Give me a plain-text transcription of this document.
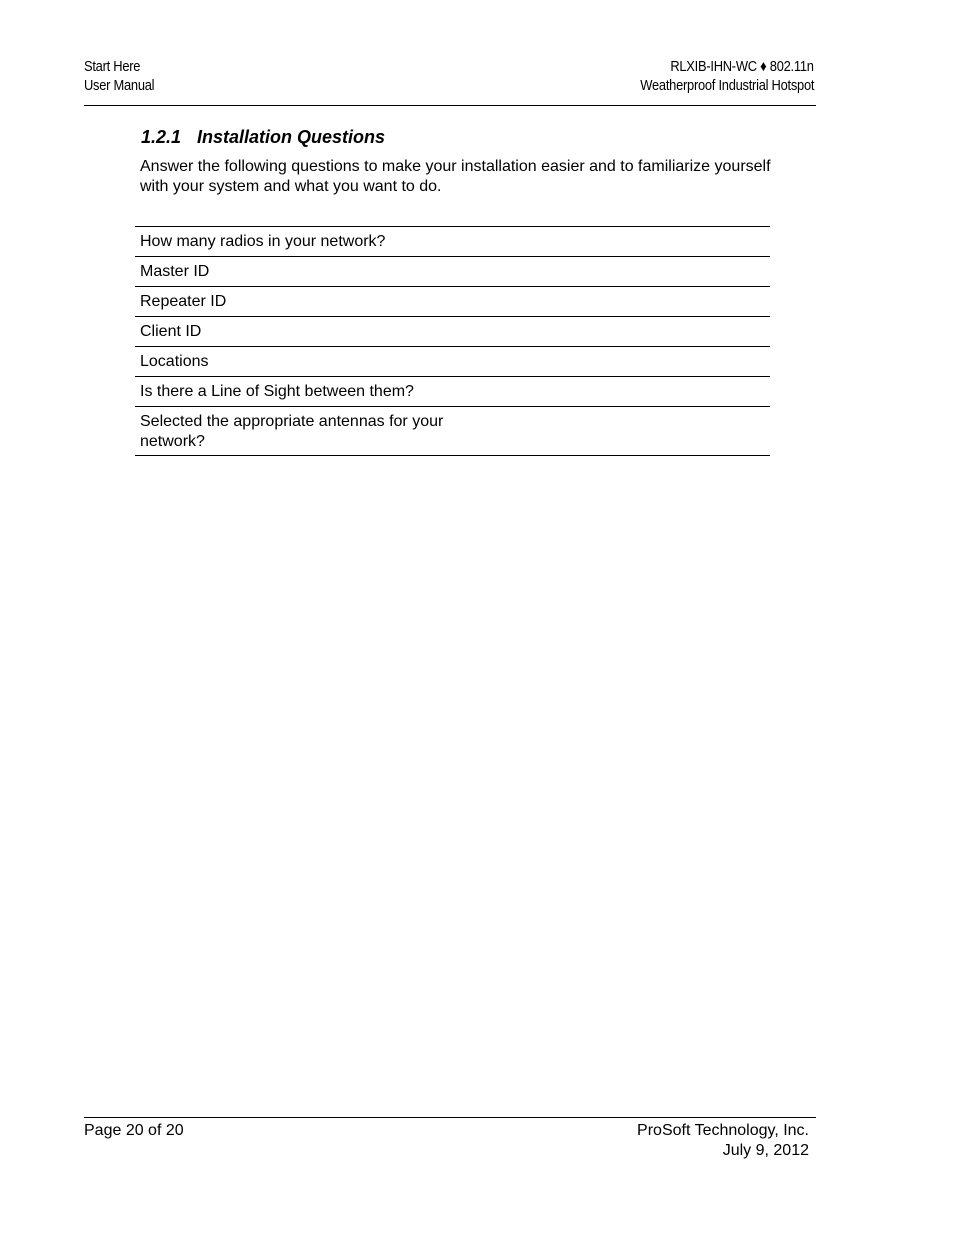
Start Here
User Manual
RLXIB-IHN-WC ♦ 802.11n
Weatherproof Industrial Hotspot
1.2.1 Installation Questions
Answer the following questions to make your installation easier and to familiarize yourself with your system and what you want to do.
How many radios in your network?	
Master ID	
Repeater ID	
Client ID	
Locations	
Is there a Line of Sight between them?	
Selected the appropriate antennas for your network?	
Page 20 of 20	ProSoft Technology, Inc.
July 9, 2012
